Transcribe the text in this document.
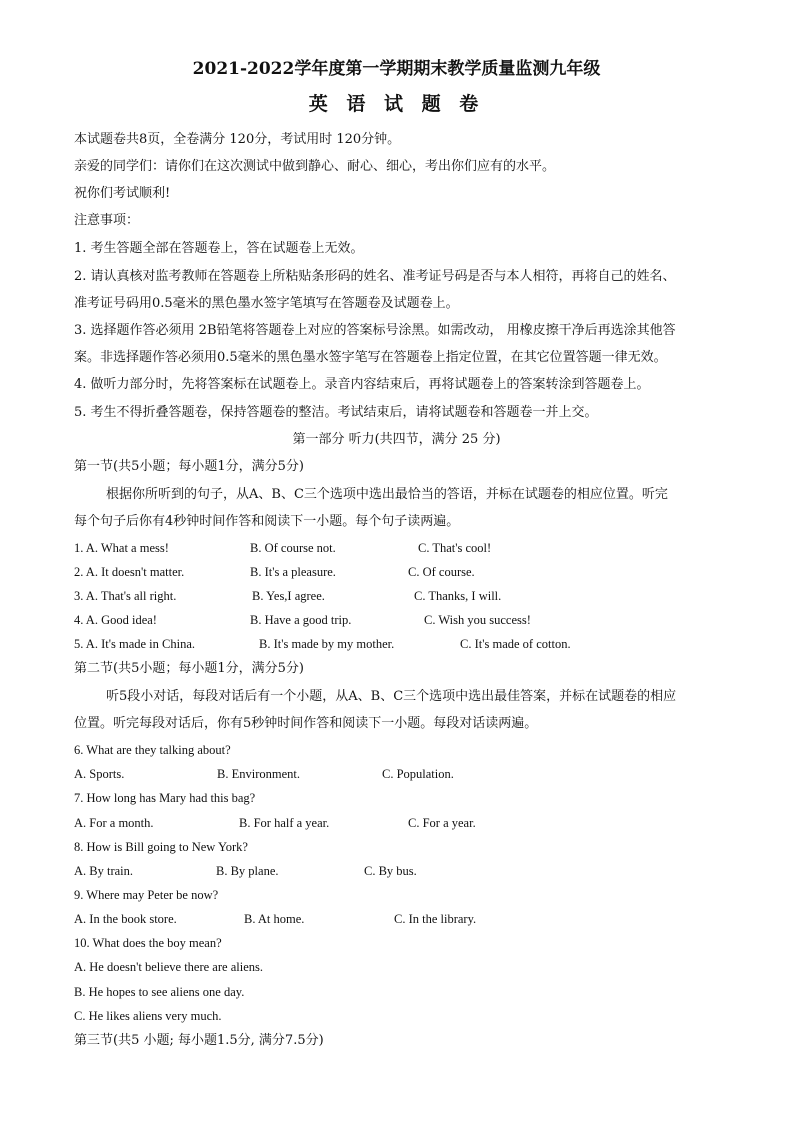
2021-2022学年度第一学期期末教学质量监测九年级
英 语 试 题 卷
本试题卷共8页，全卷满分 120分，考试用时 120分钟。
亲爱的同学们：请你们在这次测试中做到静心、耐心、细心，考出你们应有的水平。
祝你们考试顺利!
注意事项：
1. 考生答题全部在答题卷上，答在试题卷上无效。
2. 请认真核对监考教师在答题卷上所粘贴条形码的姓名、准考证号码是否与本人相符，再将自己的姓名、
准考证号码用0.5毫米的黑色墨水签字笔填写在答题卷及试题卷上。
3. 选择题作答必须用 2B铅笔将答题卷上对应的答案标号涂黑。如需改动， 用橡皮擦干净后再选涂其他答
案。非选择题作答必须用0.5毫米的黑色墨水签字笔写在答题卷上指定位置，在其它位置答题一律无效。
4. 做听力部分时，先将答案标在试题卷上。录音内容结束后，再将试题卷上的答案转涂到答题卷上。
5. 考生不得折叠答题卷，保持答题卷的整洁。考试结束后，请将试题卷和答题卷一并上交。
第一部分 听力(共四节，满分 25 分)
第一节(共5小题；每小题1分，满分5分)
根据你所听到的句子，从A、B、C三个选项中选出最恰当的答语，并标在试题卷的相应位置。听完
每个句子后你有4秒钟时间作答和阅读下一小题。每个句子读两遍。
1. A. What a mess!	B. Of course not.	C. That's cool!
2. A. It doesn't matter.	B. It's a pleasure.	C. Of course.
3. A. That's all right.	B. Yes,I agree.	C. Thanks, I will.
4. A. Good idea!	B. Have a good trip.	C. Wish you success!
5. A. It's made in China.	B. It's made by my mother.	C. It's made of cotton.
第二节(共5小题；每小题1分，满分5分)
听5段小对话，每段对话后有一个小题，从A、B、C三个选项中选出最佳答案，并标在试题卷的相应
位置。听完每段对话后，你有5秒钟时间作答和阅读下一小题。每段对话读两遍。
6. What are they talking about?
A. Sports.	B. Environment.	C. Population.
7. How long has Mary had this bag?
A. For a month.	B. For half a year.	C. For a year.
8. How is Bill going to New York?
A. By train.	B. By plane.	C. By bus.
9. Where may Peter be now?
A. In the book store.	B. At home.	C. In the library.
10. What does the boy mean?
A. He doesn't believe there are aliens.
B. He hopes to see aliens one day.
C. He likes aliens very much.
第三节(共5 小题; 每小题1.5分, 满分7.5分)
